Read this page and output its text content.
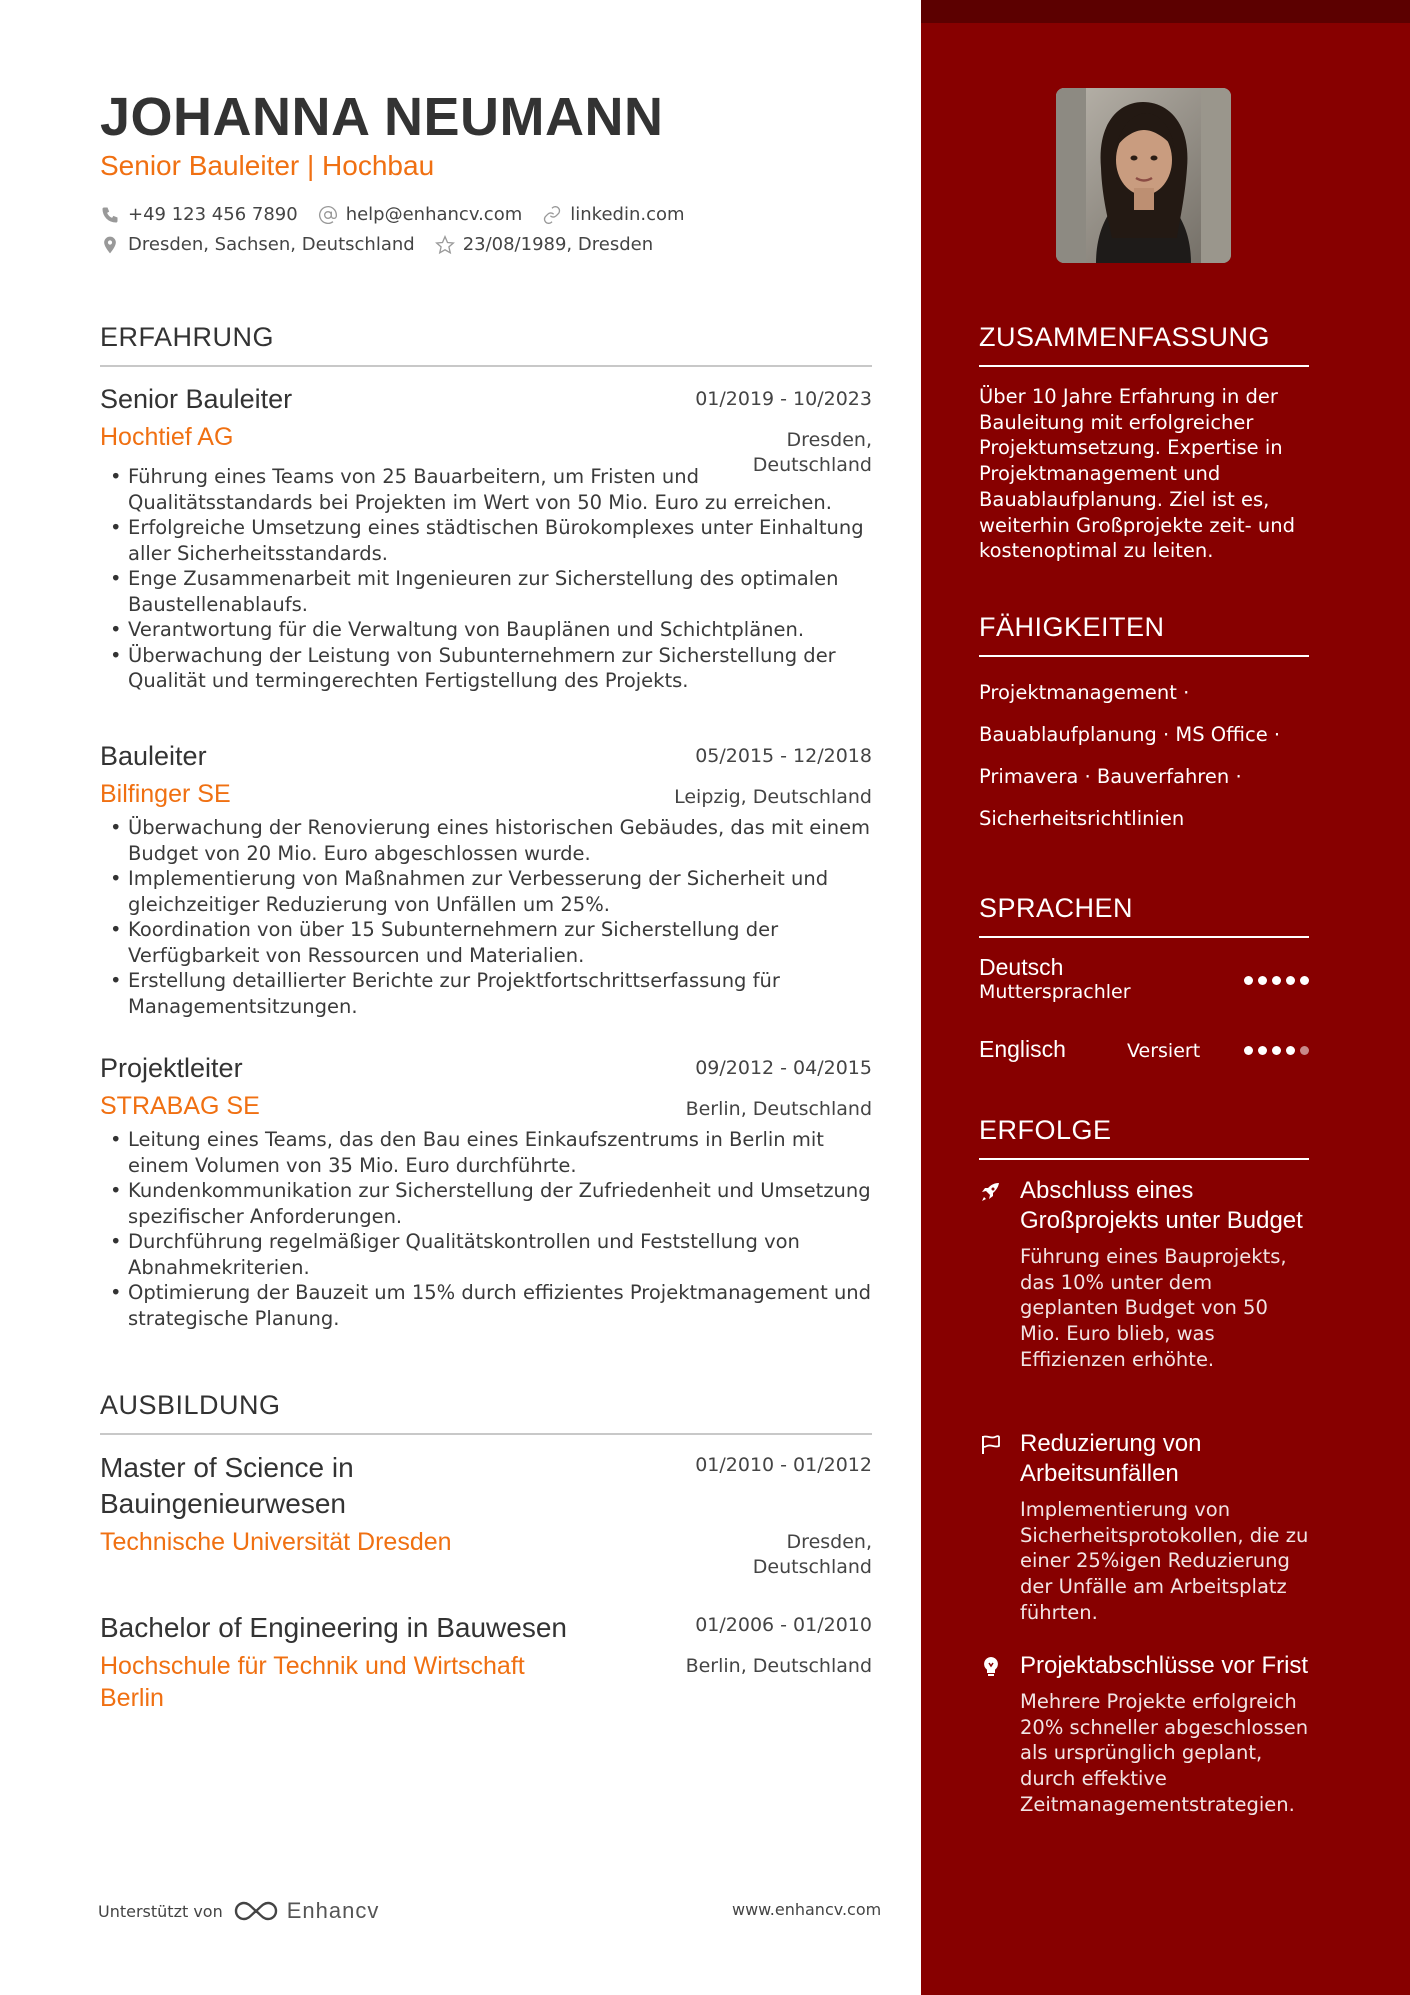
JOHANNA NEUMANN
Senior Bauleiter | Hochbau
+49 123 456 7890	help@enhancv.com	linkedin.com
Dresden, Sachsen, Deutschland	23/08/1989, Dresden
ERFAHRUNG
Senior Bauleiter	01/2019 - 10/2023
Hochtief AG	Dresden,
Deutschland
• Führung eines Teams von 25 Bauarbeitern, um Fristen und Qualitätsstandards bei Projekten im Wert von 50 Mio. Euro zu erreichen.
• Erfolgreiche Umsetzung eines städtischen Bürokomplexes unter Einhaltung aller Sicherheitsstandards.
• Enge Zusammenarbeit mit Ingenieuren zur Sicherstellung des optimalen Baustellenablaufs.
• Verantwortung für die Verwaltung von Bauplänen und Schichtplänen.
• Überwachung der Leistung von Subunternehmern zur Sicherstellung der Qualität und termingerechten Fertigstellung des Projekts.
Bauleiter	05/2015 - 12/2018
Bilfinger SE	Leipzig, Deutschland
• Überwachung der Renovierung eines historischen Gebäudes, das mit einem Budget von 20 Mio. Euro abgeschlossen wurde.
• Implementierung von Maßnahmen zur Verbesserung der Sicherheit und gleichzeitiger Reduzierung von Unfällen um 25%.
• Koordination von über 15 Subunternehmern zur Sicherstellung der Verfügbarkeit von Ressourcen und Materialien.
• Erstellung detaillierter Berichte zur Projektfortschrittserfassung für Managementsitzungen.
Projektleiter	09/2012 - 04/2015
STRABAG SE	Berlin, Deutschland
• Leitung eines Teams, das den Bau eines Einkaufszentrums in Berlin mit einem Volumen von 35 Mio. Euro durchführte.
• Kundenkommunikation zur Sicherstellung der Zufriedenheit und Umsetzung spezifischer Anforderungen.
• Durchführung regelmäßiger Qualitätskontrollen und Feststellung von Abnahmekriterien.
• Optimierung der Bauzeit um 15% durch effizientes Projektmanagement und strategische Planung.
AUSBILDUNG
Master of Science in
Bauingenieurwesen
01/2010 - 01/2012
Technische Universität Dresden	Dresden,
Deutschland
Bachelor of Engineering in Bauwesen	01/2006 - 01/2010
Hochschule für Technik und Wirtschaft
Berlin
Berlin, Deutschland
Unterstützt von	Enhancv	www.enhancv.com
ZUSAMMENFASSUNG
Über 10 Jahre Erfahrung in der Bauleitung mit erfolgreicher Projektumsetzung. Expertise in Projektmanagement und Bauablaufplanung. Ziel ist es, weiterhin Großprojekte zeit- und kostenoptimal zu leiten.
FÄHIGKEITEN
Projektmanagement ·
Bauablaufplanung · MS Office ·
Primavera · Bauverfahren ·
Sicherheitsrichtlinien
SPRACHEN
Deutsch
Muttersprachler
Englisch	Versiert
ERFOLGE
Abschluss eines Großprojekts unter Budget
Führung eines Bauprojekts, das 10% unter dem geplanten Budget von 50 Mio. Euro blieb, was Effizienzen erhöhte.
Reduzierung von Arbeitsunfällen
Implementierung von Sicherheitsprotokollen, die zu einer 25%igen Reduzierung der Unfälle am Arbeitsplatz führten.
Projektabschlüsse vor Frist
Mehrere Projekte erfolgreich 20% schneller abgeschlossen als ursprünglich geplant, durch effektive Zeitmanagementstrategien.
